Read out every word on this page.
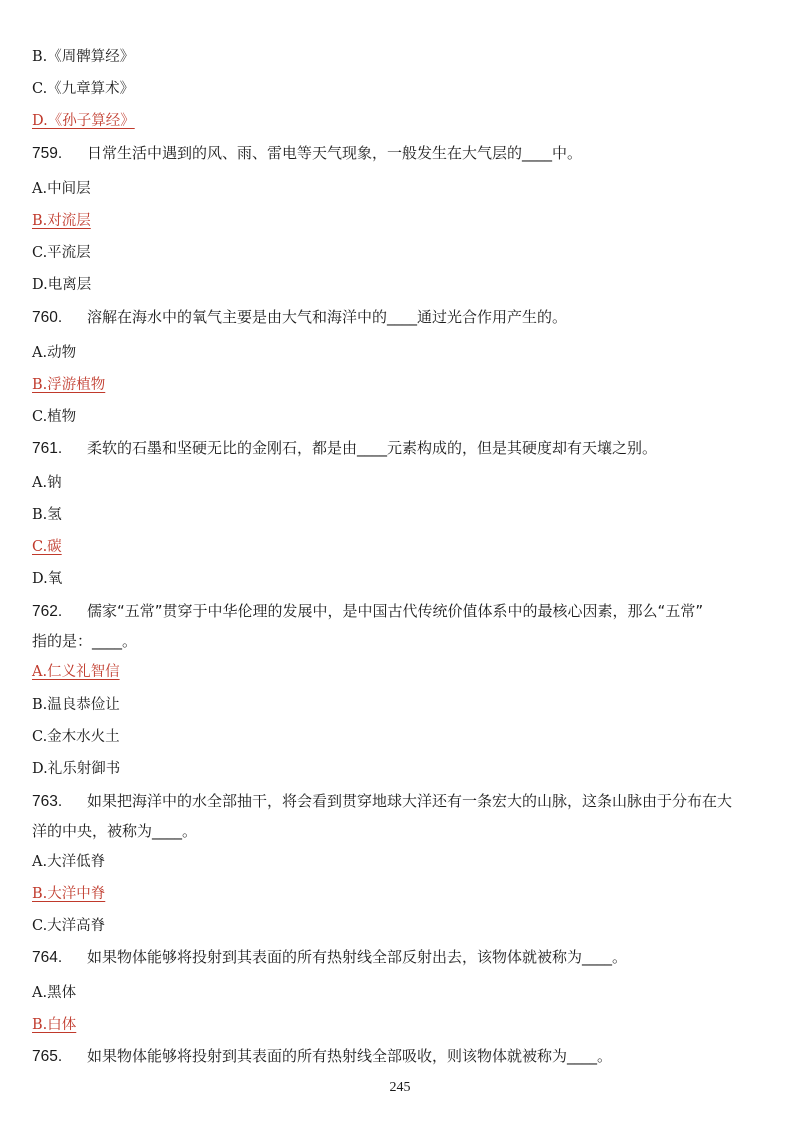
B.《周髀算经》
C.《九章算术》
D.《孙子算经》
759. 日常生活中遇到的风、雨、雷电等天气现象，一般发生在大气层的____中。
A.中间层
B.对流层
C.平流层
D.电离层
760. 溶解在海水中的氧气主要是由大气和海洋中的____通过光合作用产生的。
A.动物
B.浮游植物
C.植物
761. 柔软的石墨和坚硬无比的金刚石，都是由____元素构成的，但是其硬度却有天壤之别。
A.钠
B.氢
C.碳
D.氧
762. 儒家“五常”贯穿于中华伦理的发展中，是中国古代传统价值体系中的最核心因素，那么“五常”
指的是：____。
A.仁义礼智信
B.温良恭俭让
C.金木水火土
D.礼乐射御书
763. 如果把海洋中的水全部抽干，将会看到贯穿地球大洋还有一条宏大的山脉，这条山脉由于分布在大
洋的中央，被称为____。
A.大洋低脊
B.大洋中脊
C.大洋高脊
764. 如果物体能够将投射到其表面的所有热射线全部反射出去，该物体就被称为____。
A.黑体
B.白体
765. 如果物体能够将投射到其表面的所有热射线全部吸收，则该物体就被称为____。
245
